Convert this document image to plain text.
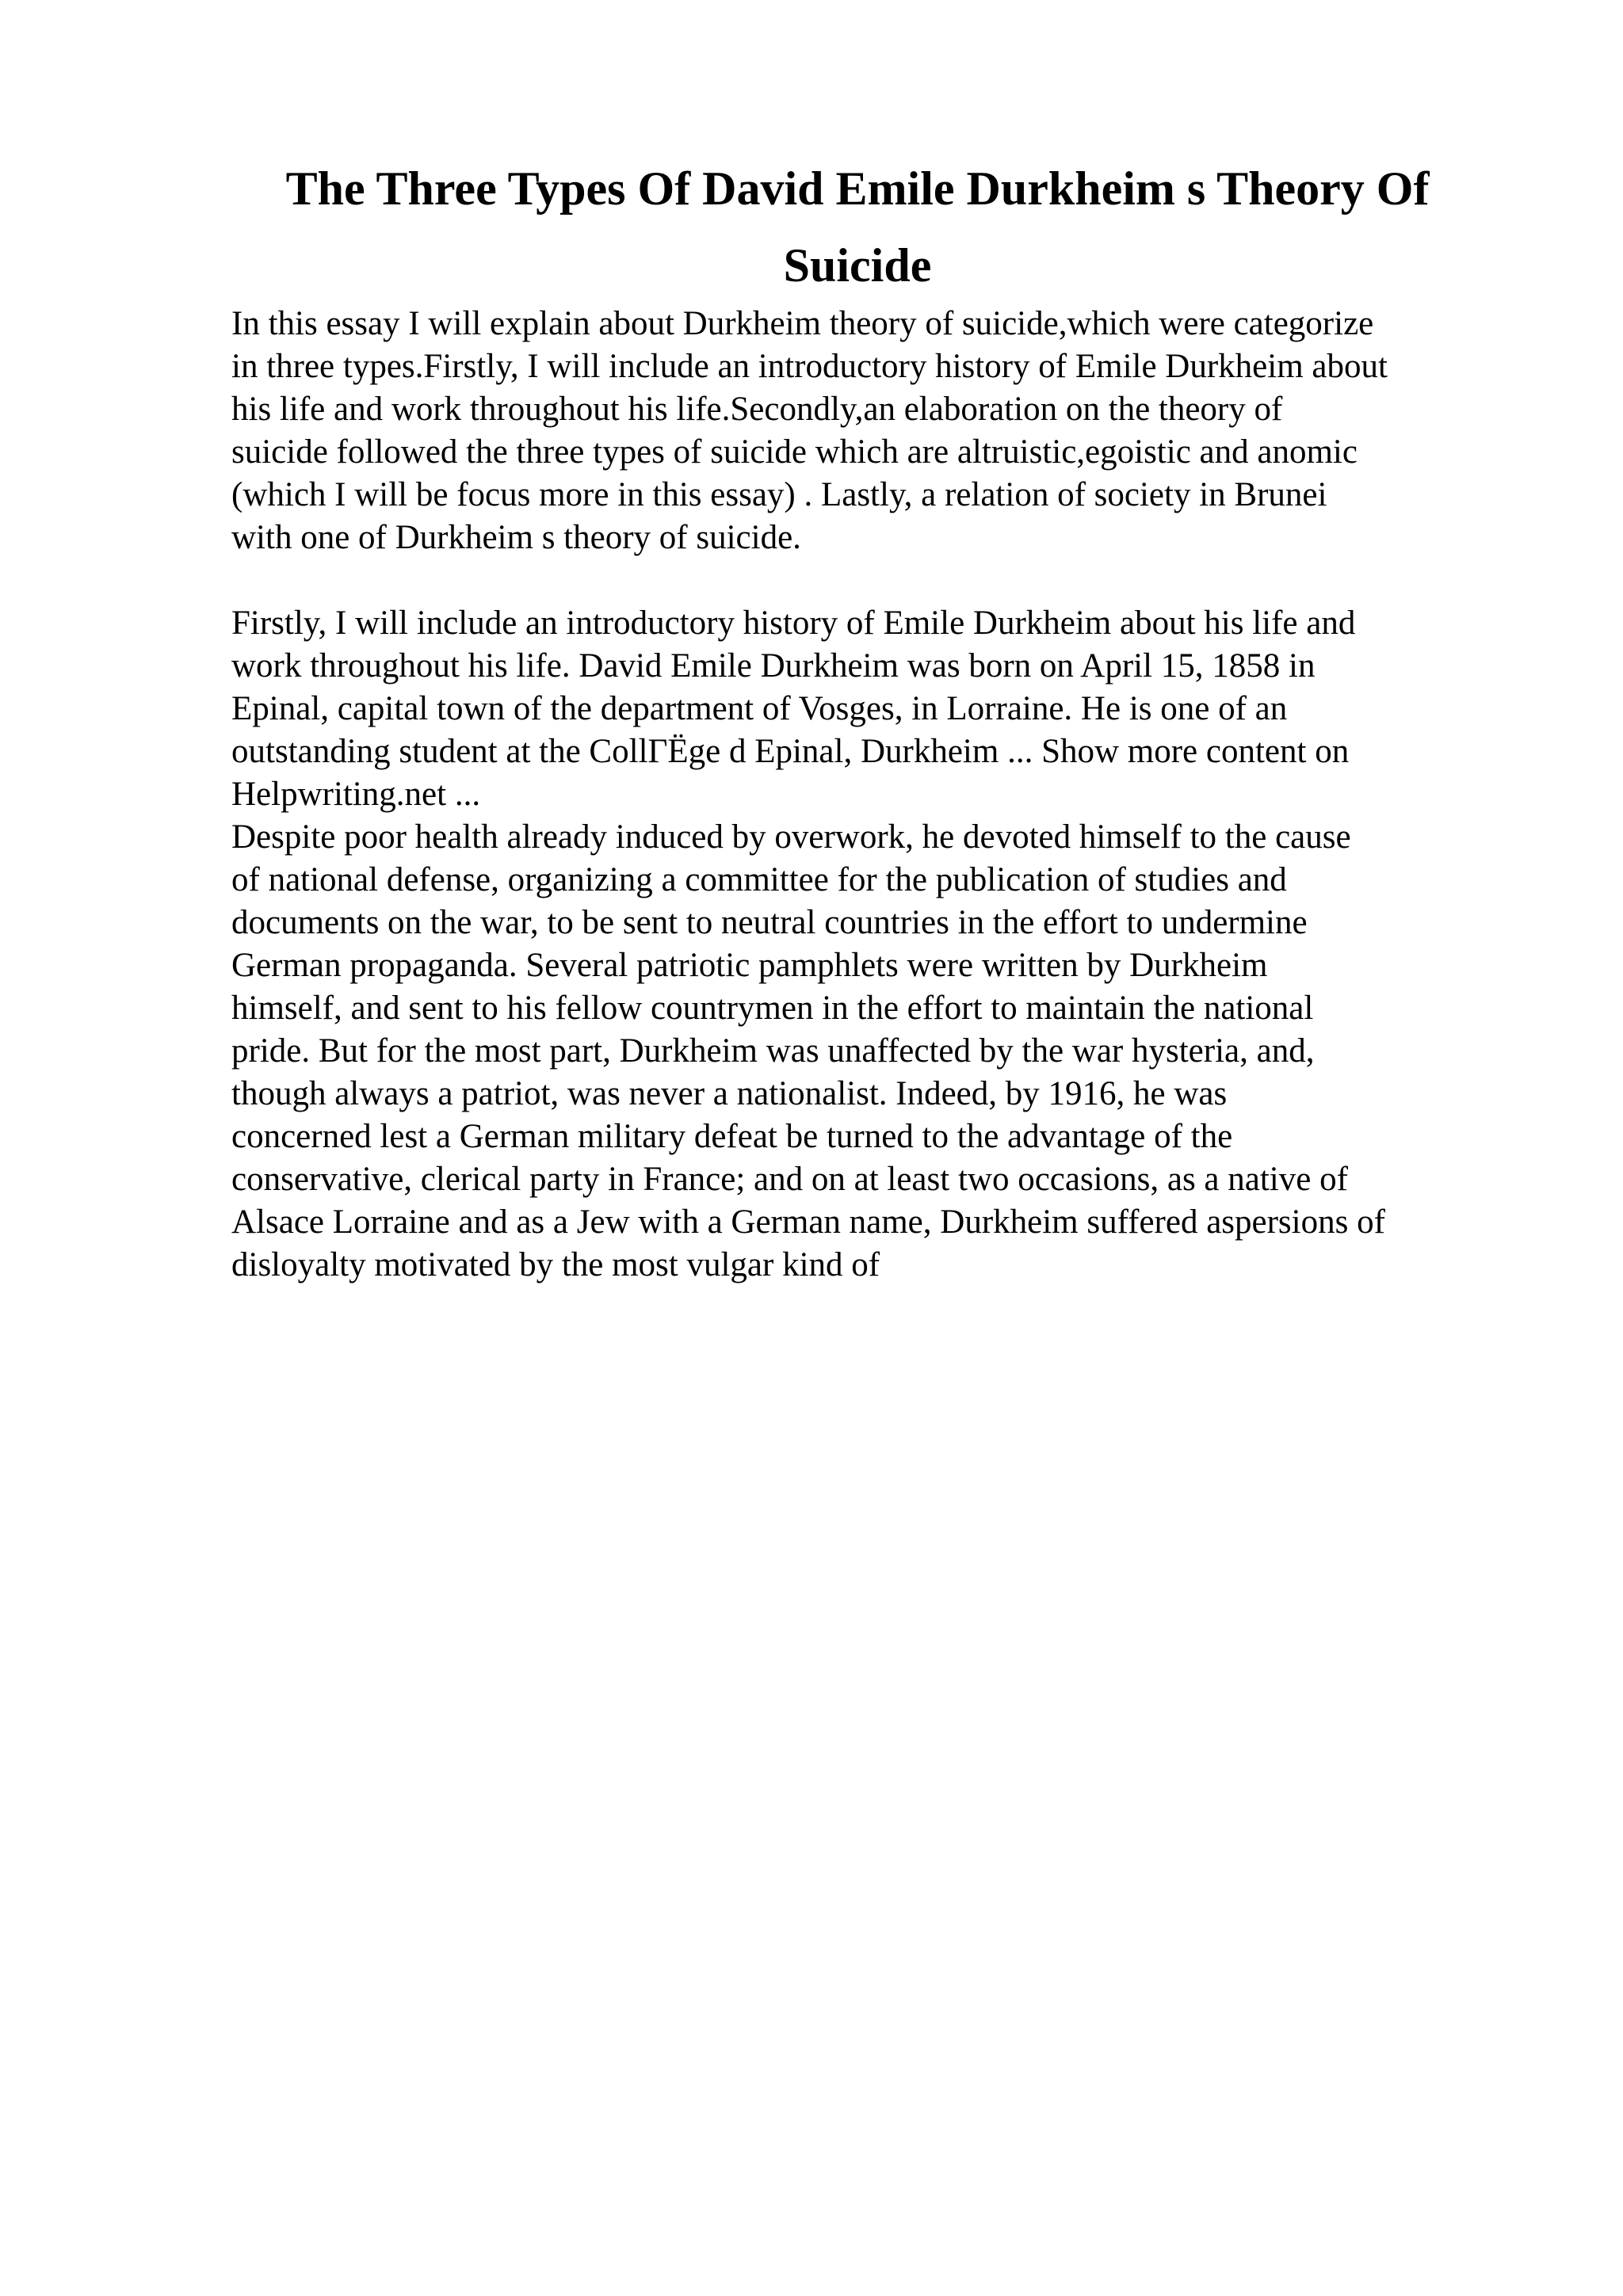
The Three Types Of David Emile Durkheim s Theory Of Suicide

In this essay I will explain about Durkheim theory of suicide,which were categorize
in three types.Firstly, I will include an introductory history of Emile Durkheim about
his life and work throughout his life.Secondly,an elaboration on the theory of
suicide followed the three types of suicide which are altruistic,egoistic and anomic
(which I will be focus more in this essay) . Lastly, a relation of society in Brunei
with one of Durkheim s theory of suicide.

Firstly, I will include an introductory history of Emile Durkheim about his life and
work throughout his life. David Emile Durkheim was born on April 15, 1858 in
Epinal, capital town of the department of Vosges, in Lorraine. He is one of an
outstanding student at the CollΓËge d Epinal, Durkheim ... Show more content on
Helpwriting.net ...

Despite poor health already induced by overwork, he devoted himself to the cause
of national defense, organizing a committee for the publication of studies and
documents on the war, to be sent to neutral countries in the effort to undermine
German propaganda. Several patriotic pamphlets were written by Durkheim
himself, and sent to his fellow countrymen in the effort to maintain the national
pride. But for the most part, Durkheim was unaffected by the war hysteria, and,
though always a patriot, was never a nationalist. Indeed, by 1916, he was
concerned lest a German military defeat be turned to the advantage of the
conservative, clerical party in France; and on at least two occasions, as a native of
Alsace Lorraine and as a Jew with a German name, Durkheim suffered aspersions of
disloyalty motivated by the most vulgar kind of
